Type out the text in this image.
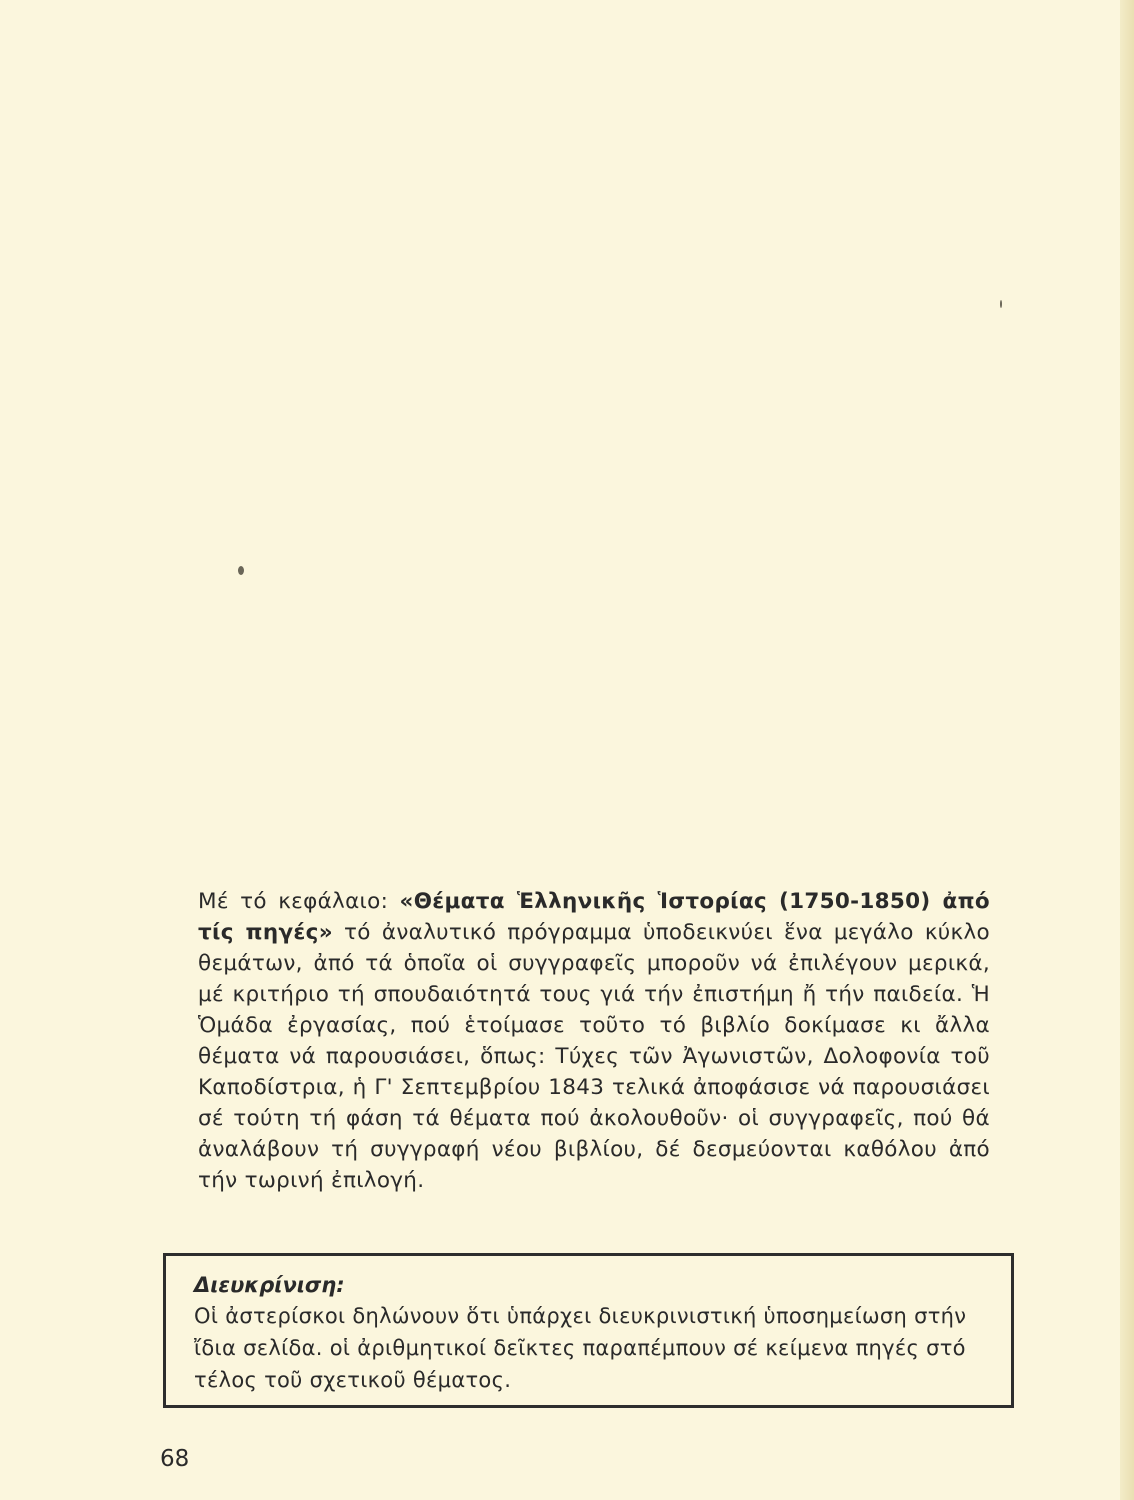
Μέ τό κεφάλαιο: «Θέματα Ἑλληνικῆς Ἱστορίας (1750-1850) ἀπό τίς πηγές» τό ἀναλυτικό πρόγραμμα ὑποδεικνύει ἕνα μεγάλο κύκλο θεμάτων, ἀπό τά ὁποῖα οἱ συγγραφεῖς μποροῦν νά ἐπιλέγουν μερικά, μέ κριτήριο τή σπουδαιότητά τους γιά τήν ἐπιστήμη ἤ τήν παιδεία. Ἡ Ὁμάδα ἐργασίας, πού ἑτοίμασε τοῦτο τό βιβλίο δοκίμασε κι ἄλλα θέματα νά παρουσιάσει, ὅπως: Τύχες τῶν Ἀγωνιστῶν, Δολοφονία τοῦ Καποδίστρια, ἡ Γ' Σεπτεμβρίου 1843 τελικά ἀποφάσισε νά παρουσιάσει σέ τούτη τή φάση τά θέματα πού ἀκολουθοῦν· οἱ συγγραφεῖς, πού θά ἀναλάβουν τή συγγραφή νέου βιβλίου, δέ δεσμεύονται καθόλου ἀπό τήν τωρινή ἐπιλογή.

Διευκρίνιση:

Οἱ ἀστερίσκοι δηλώνουν ὅτι ὑπάρχει διευκρινιστική ὑποσημείωση στήν ἴδια σελίδα. οἱ ἀριθμητικοί δεῖκτες παραπέμπουν σέ κείμενα πηγές στό τέλος τοῦ σχετικοῦ θέματος.

68
